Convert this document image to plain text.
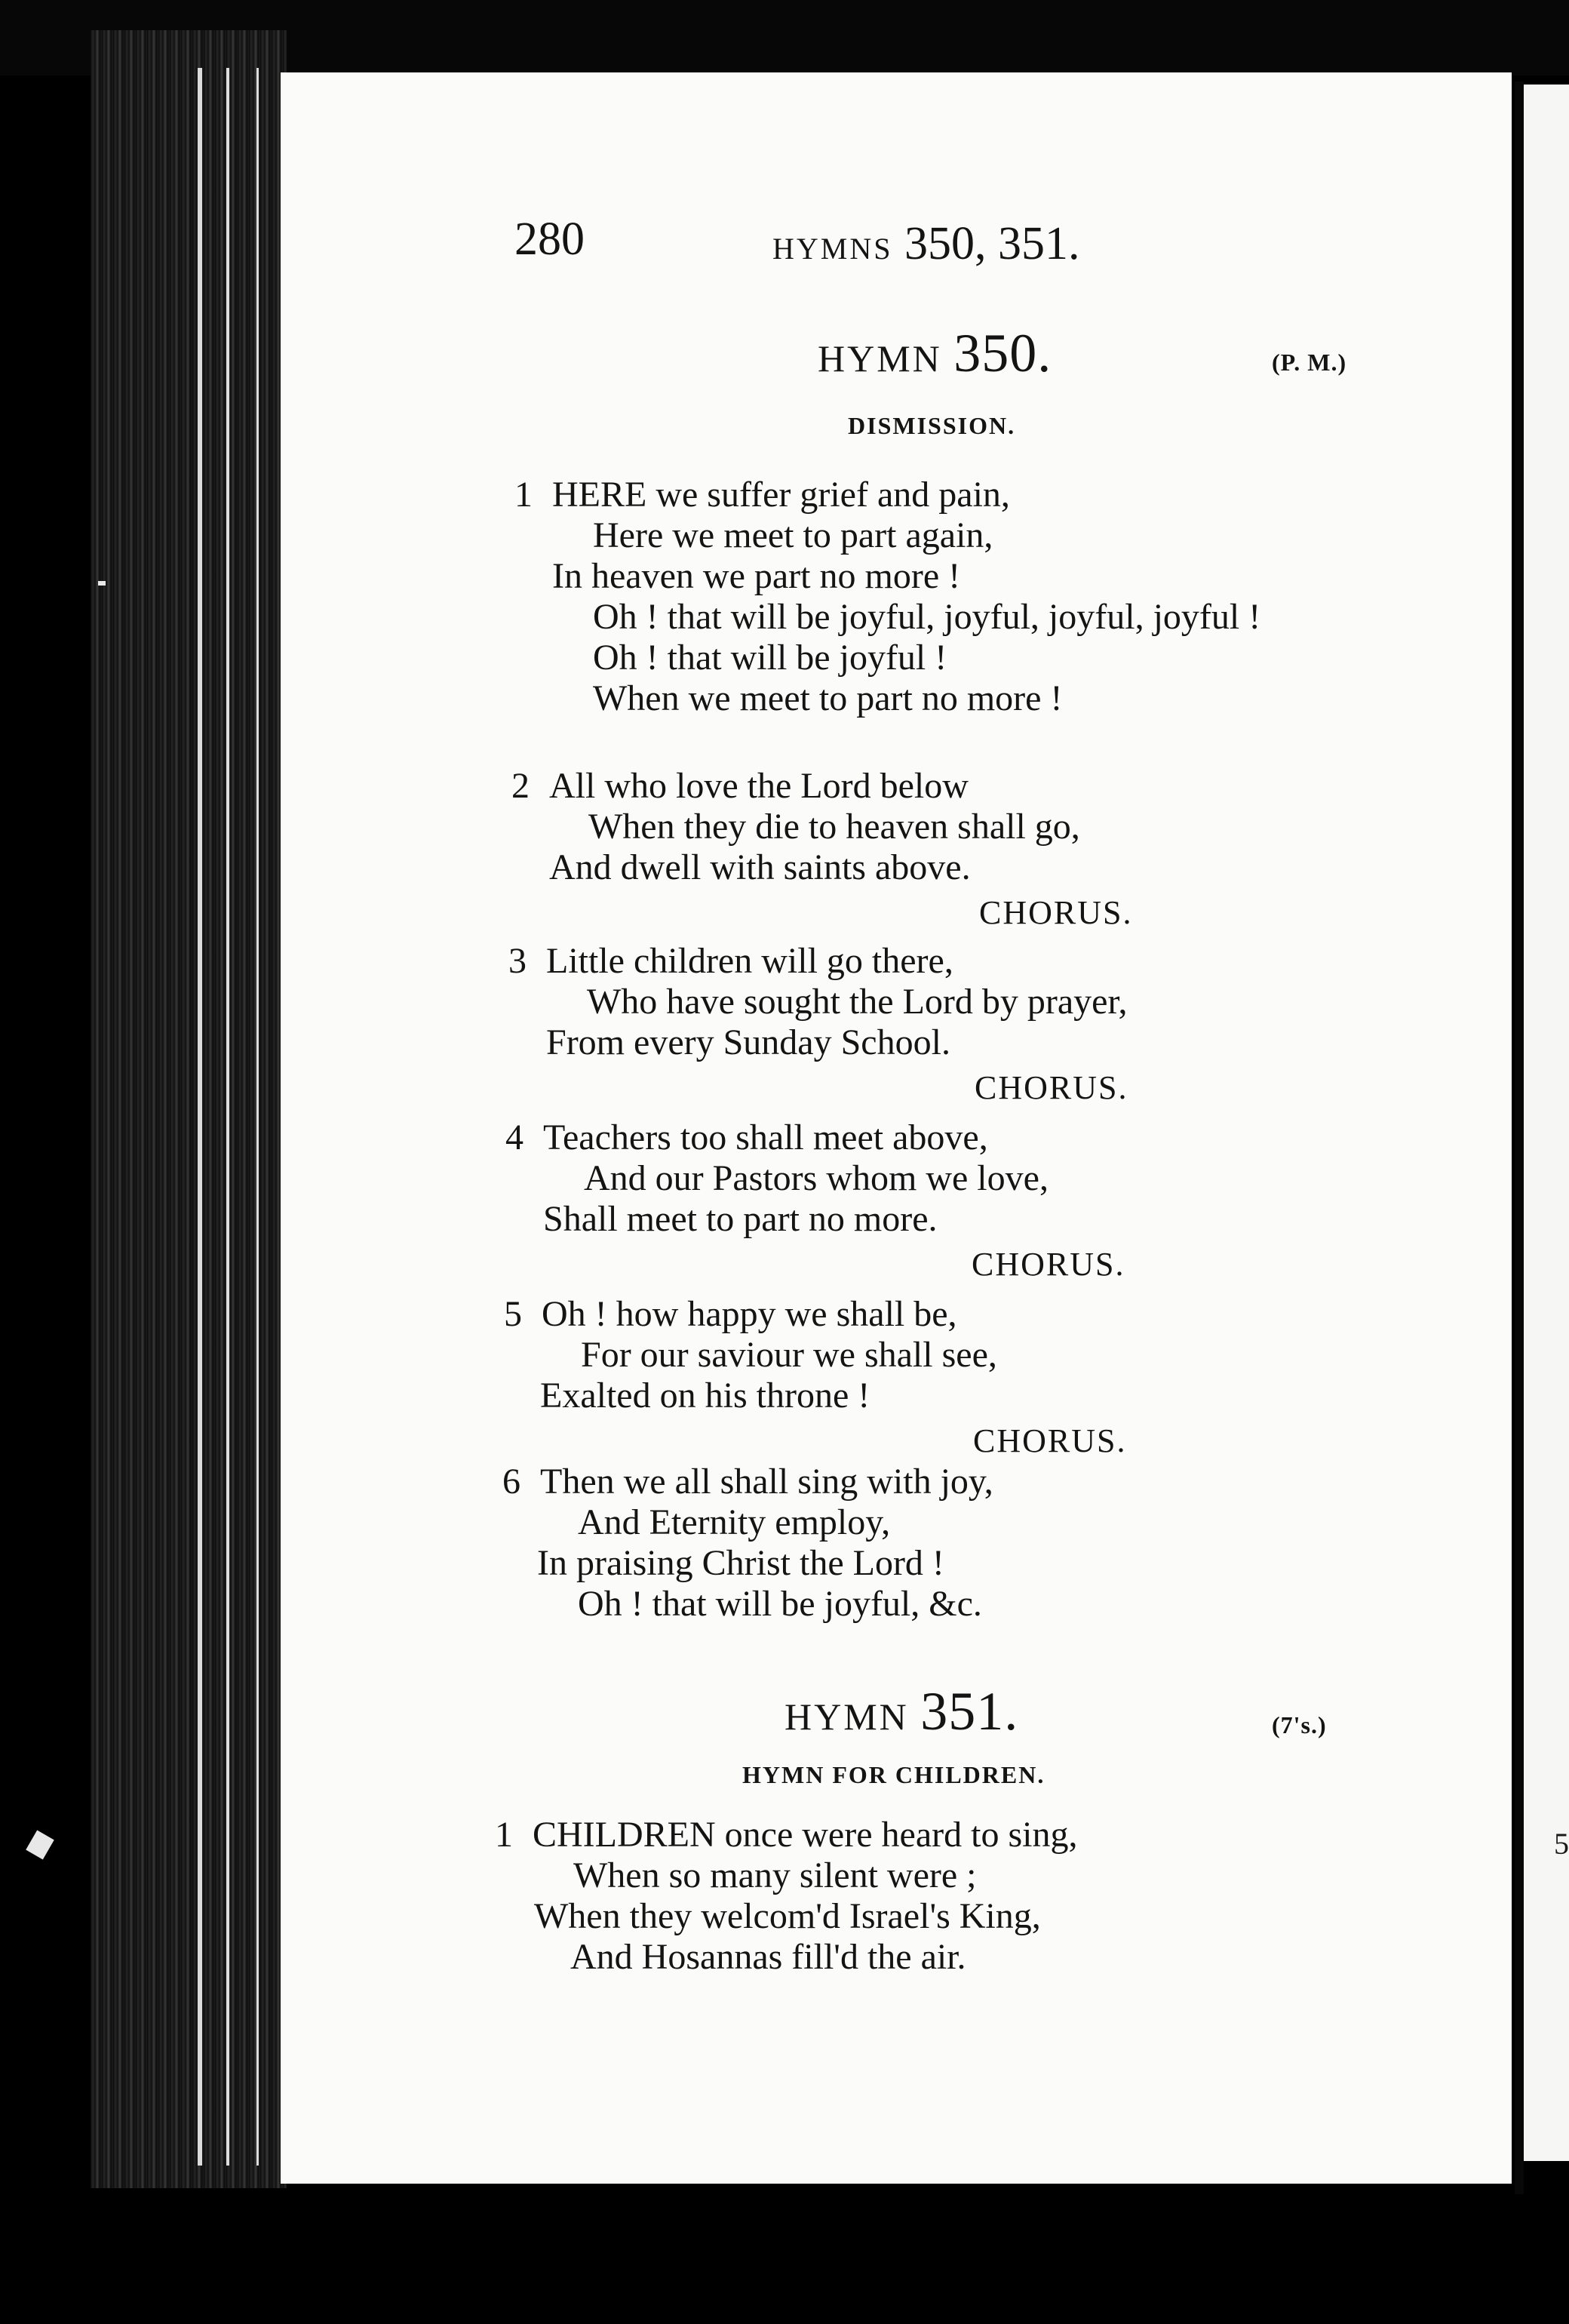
5
280	HYMNS 350, 351.
HYMN 350.	(P. M.)
DISMISSION.
1 HERE we suffer grief and pain,
Here we meet to part again,
In heaven we part no more !
Oh ! that will be joyful, joyful, joyful, joyful !
Oh ! that will be joyful !
When we meet to part no more !
2 All who love the Lord below
When they die to heaven shall go,
And dwell with saints above.
CHORUS.
3 Little children will go there,
Who have sought the Lord by prayer,
From every Sunday School.
CHORUS.
4 Teachers too shall meet above,
And our Pastors whom we love,
Shall meet to part no more.
CHORUS.
5 Oh ! how happy we shall be,
For our saviour we shall see,
Exalted on his throne !
CHORUS.
6 Then we all shall sing with joy,
And Eternity employ,
In praising Christ the Lord !
Oh ! that will be joyful, &c.
HYMN 351.	(7's.)
HYMN FOR CHILDREN.
1 CHILDREN once were heard to sing,
When so many silent were ;
When they welcom'd Israel's King,
And Hosannas fill'd the air.
